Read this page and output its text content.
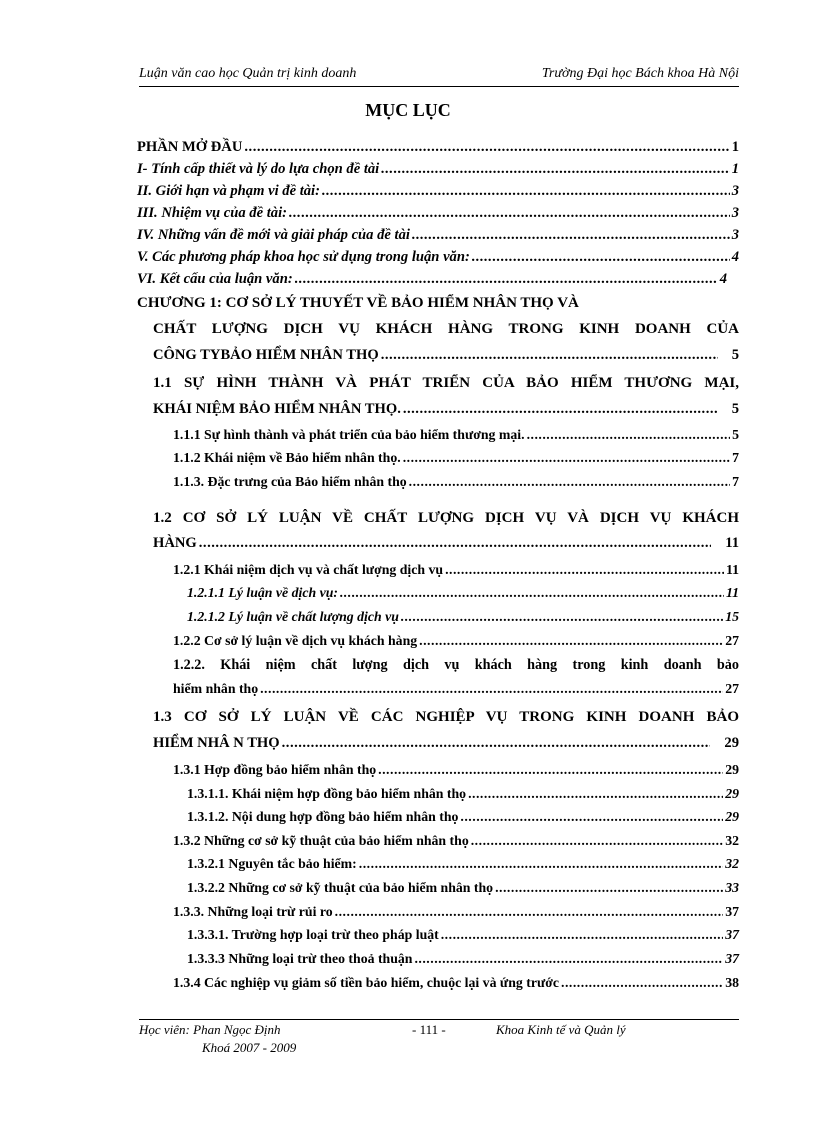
Luận văn cao học Quản trị kinh doanh	Trường Đại học Bách khoa Hà Nội
MỤC LỤC
PHẦN MỞ ĐẦU .....	1
I- Tính cấp thiết và lý do lựa chọn đề tài .....	1
II. Giới hạn và phạm vi đề tài: .....	3
III. Nhiệm vụ của đề tài: .....	3
IV. Những vấn đề mới và giải pháp của đề tài .....	3
V. Các phương pháp khoa học sử dụng trong luận văn: .....	4
VI. Kết cấu của luận văn: .....	4
CHƯƠNG 1: CƠ SỞ LÝ THUYẾT VỀ BẢO HIỂM NHÂN THỌ VÀ
CHẤT LƯỢNG DỊCH VỤ KHÁCH HÀNG TRONG KINH DOANH CỦA
CÔNG TYBẢO HIỂM NHÂN THỌ .....	5
1.1 SỰ HÌNH THÀNH VÀ PHÁT TRIỂN CỦA BẢO HIỂM THƯƠNG MẠI,
KHÁI NIỆM BẢO HIỂM NHÂN THỌ. .....	5
1.1.1 Sự hình thành và phát triển của bảo hiểm thương mại. .....	5
1.1.2 Khái niệm về Bảo hiểm nhân thọ. .....	7
1.1.3. Đặc trưng của Bảo hiểm nhân thọ .....	7
1.2 CƠ SỞ LÝ LUẬN VỀ CHẤT LƯỢNG DỊCH VỤ VÀ DỊCH VỤ KHÁCH
HÀNG .....	11
1.2.1 Khái niệm dịch vụ và chất lượng dịch vụ .....	11
1.2.1.1 Lý luận về dịch vụ: .....	11
1.2.1.2 Lý luận về chất lượng dịch vụ .....	15
1.2.2 Cơ sở lý luận về dịch vụ khách hàng .....	27
1.2.2. Khái niệm chất lượng dịch vụ khách hàng trong kinh doanh bảo
hiểm nhân thọ .....	27
1.3 CƠ SỞ LÝ LUẬN VỀ CÁC NGHIỆP VỤ TRONG KINH DOANH BẢO
HIỂM NHÂ N THỌ .....	29
1.3.1 Hợp đồng bảo hiểm nhân thọ .....	29
1.3.1.1. Khái niệm hợp đồng bảo hiểm nhân thọ .....	29
1.3.1.2. Nội dung hợp đồng bảo hiểm nhân thọ .....	29
1.3.2 Những cơ sở kỹ thuật của bảo hiểm nhân thọ .....	32
1.3.2.1 Nguyên tắc bảo hiểm: .....	32
1.3.2.2 Những cơ sở kỹ thuật của bảo hiểm nhân thọ .....	33
1.3.3. Những loại trừ rủi ro .....	37
1.3.3.1. Trường hợp loại trừ theo pháp luật .....	37
1.3.3.3 Những loại trừ theo thoả thuận .....	37
1.3.4 Các nghiệp vụ giảm số tiền bảo hiểm, chuộc lại và ứng trước .....	38
Học viên: Phan Ngọc Định
Khoá 2007 - 2009
- 111 -	Khoa Kinh tế và Quản lý
